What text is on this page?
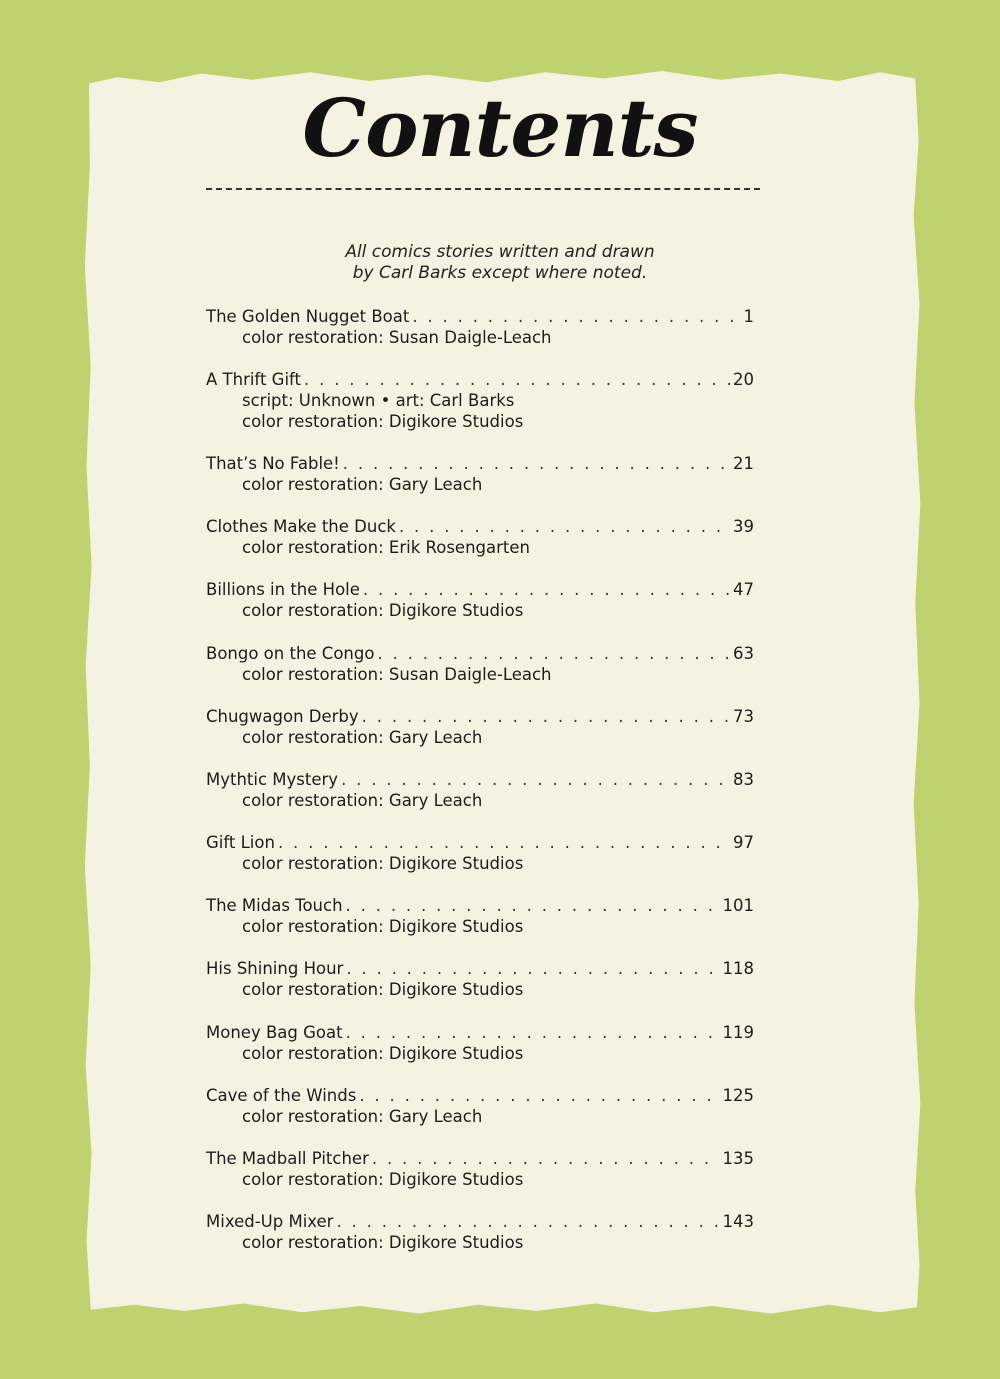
Contents
All comics stories written and drawn
by Carl Barks except where noted.
The Golden Nugget Boat . . .	1
color restoration: Susan Daigle-Leach
A Thrift Gift . . .	20
script: Unknown • art: Carl Barks
color restoration: Digikore Studios
That’s No Fable! . . .	21
color restoration: Gary Leach
Clothes Make the Duck . . .	39
color restoration: Erik Rosengarten
Billions in the Hole . . .	47
color restoration: Digikore Studios
Bongo on the Congo . . .	63
color restoration: Susan Daigle-Leach
Chugwagon Derby . . .	73
color restoration: Gary Leach
Mythtic Mystery . . .	83
color restoration: Gary Leach
Gift Lion . . .	97
color restoration: Digikore Studios
The Midas Touch . . .	101
color restoration: Digikore Studios
His Shining Hour . . .	118
color restoration: Digikore Studios
Money Bag Goat . . .	119
color restoration: Digikore Studios
Cave of the Winds . . .	125
color restoration: Gary Leach
The Madball Pitcher . . .	135
color restoration: Digikore Studios
Mixed-Up Mixer . . .	143
color restoration: Digikore Studios
